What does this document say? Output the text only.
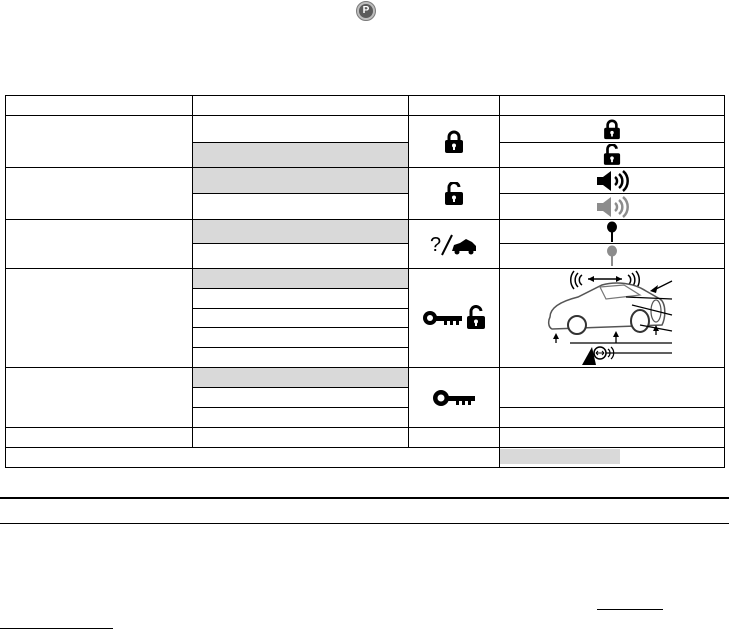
P

?
